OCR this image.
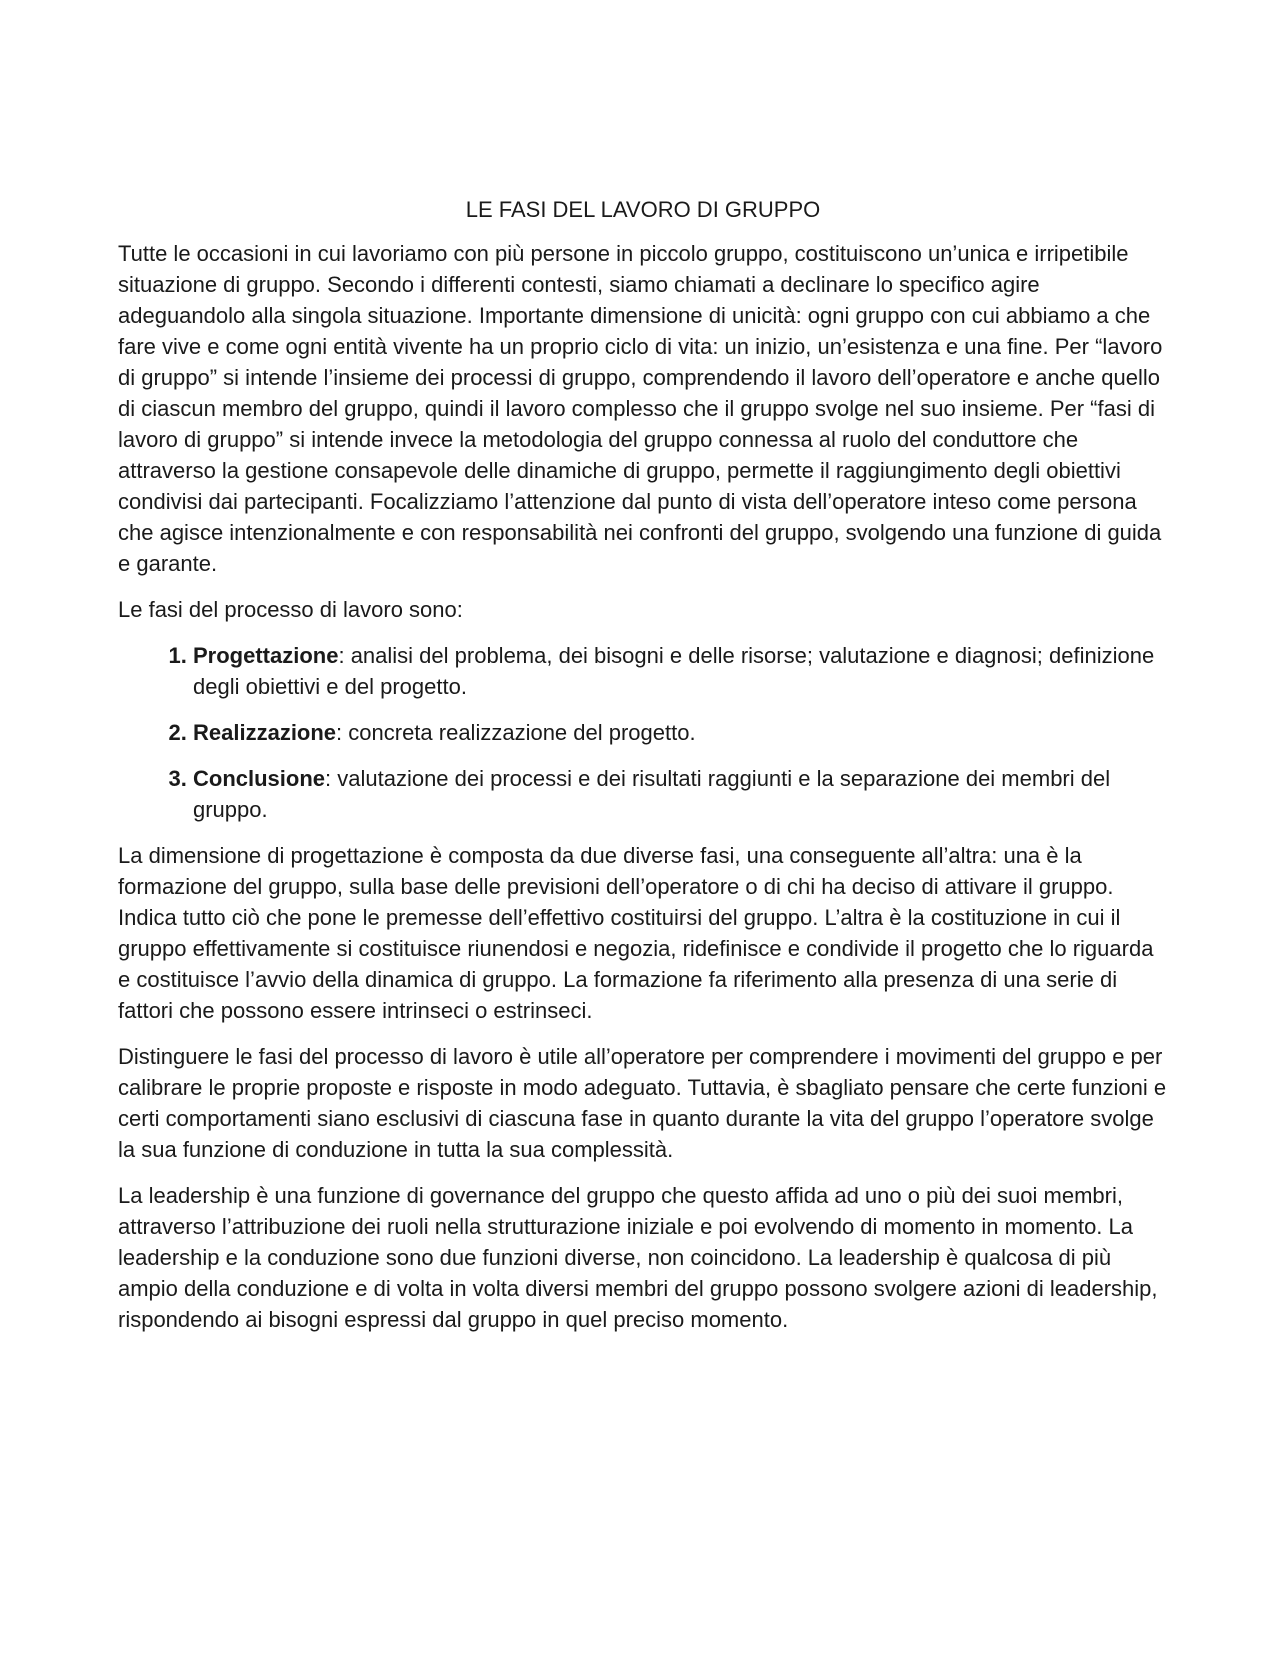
LE FASI DEL LAVORO DI GRUPPO

Tutte le occasioni in cui lavoriamo con più persone in piccolo gruppo, costituiscono un’unica e irripetibile situazione di gruppo. Secondo i differenti contesti, siamo chiamati a declinare lo specifico agire adeguandolo alla singola situazione. Importante dimensione di unicità: ogni gruppo con cui abbiamo a che fare vive e come ogni entità vivente ha un proprio ciclo di vita: un inizio, un’esistenza e una fine. Per “lavoro di gruppo” si intende l’insieme dei processi di gruppo, comprendendo il lavoro dell’operatore e anche quello di ciascun membro del gruppo, quindi il lavoro complesso che il gruppo svolge nel suo insieme. Per “fasi di lavoro di gruppo” si intende invece la metodologia del gruppo connessa al ruolo del conduttore che attraverso la gestione consapevole delle dinamiche di gruppo, permette il raggiungimento degli obiettivi condivisi dai partecipanti. Focalizziamo l’attenzione dal punto di vista dell’operatore inteso come persona che agisce intenzionalmente e con responsabilità nei confronti del gruppo, svolgendo una funzione di guida e garante.

Le fasi del processo di lavoro sono:

1. Progettazione: analisi del problema, dei bisogni e delle risorse; valutazione e diagnosi; definizione degli obiettivi e del progetto.
2. Realizzazione: concreta realizzazione del progetto.
3. Conclusione: valutazione dei processi e dei risultati raggiunti e la separazione dei membri del gruppo.

La dimensione di progettazione è composta da due diverse fasi, una conseguente all’altra: una è la formazione del gruppo, sulla base delle previsioni dell’operatore o di chi ha deciso di attivare il gruppo. Indica tutto ciò che pone le premesse dell’effettivo costituirsi del gruppo. L’altra è la costituzione in cui il gruppo effettivamente si costituisce riunendosi e negozia, ridefinisce e condivide il progetto che lo riguarda e costituisce l’avvio della dinamica di gruppo. La formazione fa riferimento alla presenza di una serie di fattori che possono essere intrinseci o estrinseci.

Distinguere le fasi del processo di lavoro è utile all’operatore per comprendere i movimenti del gruppo e per calibrare le proprie proposte e risposte in modo adeguato. Tuttavia, è sbagliato pensare che certe funzioni e certi comportamenti siano esclusivi di ciascuna fase in quanto durante la vita del gruppo l’operatore svolge la sua funzione di conduzione in tutta la sua complessità.

La leadership è una funzione di governance del gruppo che questo affida ad uno o più dei suoi membri, attraverso l’attribuzione dei ruoli nella strutturazione iniziale e poi evolvendo di momento in momento. La leadership e la conduzione sono due funzioni diverse, non coincidono. La leadership è qualcosa di più ampio della conduzione e di volta in volta diversi membri del gruppo possono svolgere azioni di leadership, rispondendo ai bisogni espressi dal gruppo in quel preciso momento.
